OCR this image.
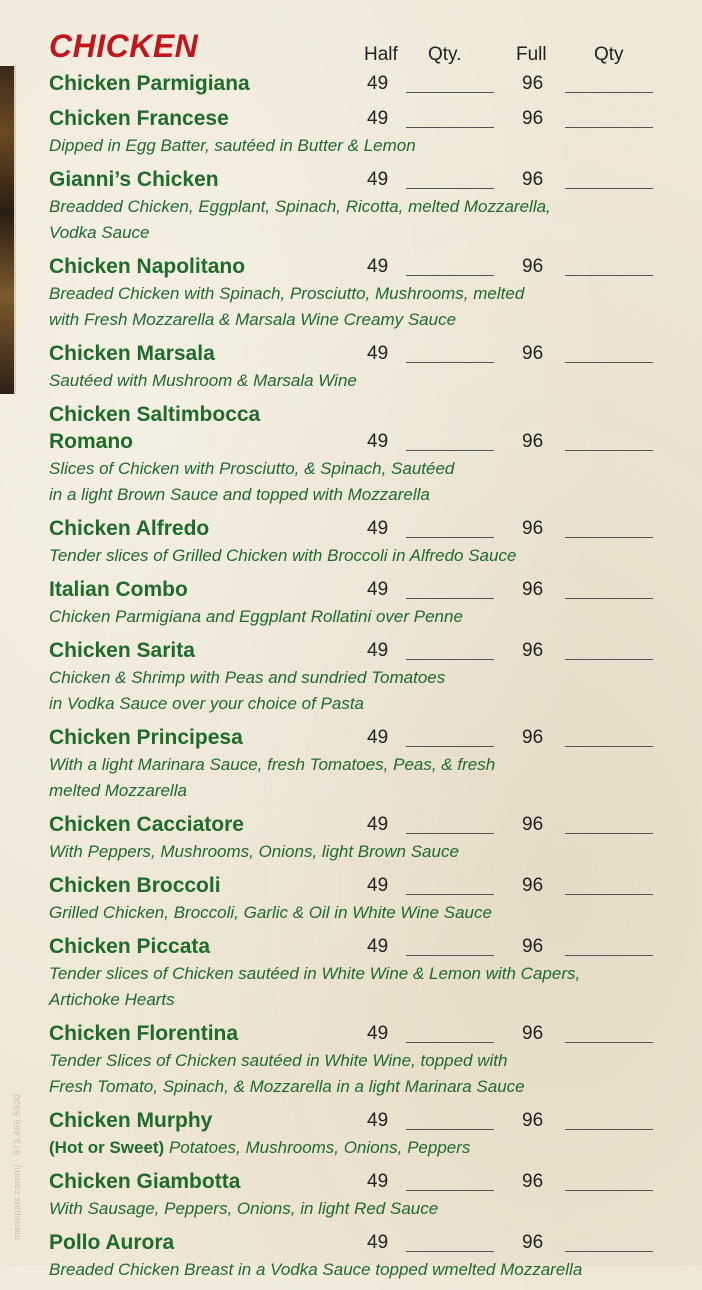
menupals.com/nj - 973.466.5300
CHICKEN	Half Qty.	Full Qty
Chicken Parmigiana	49	96
Chicken Francese	49	96
Dipped in Egg Batter, sautéed in Butter & Lemon
Gianni’s Chicken	49	96
Breadded Chicken, Eggplant, Spinach, Ricotta, melted Mozzarella,
Vodka Sauce
Chicken Napolitano	49	96
Breaded Chicken with Spinach, Prosciutto, Mushrooms, melted
with Fresh Mozzarella & Marsala Wine Creamy Sauce
Chicken Marsala	49	96
Sautéed with Mushroom & Marsala Wine
Chicken Saltimbocca
Romano	49	96
Slices of Chicken with Prosciutto, & Spinach, Sautéed
in a light Brown Sauce and topped with Mozzarella
Chicken Alfredo	49	96
Tender slices of Grilled Chicken with Broccoli in Alfredo Sauce
Italian Combo	49	96
Chicken Parmigiana and Eggplant Rollatini over Penne
Chicken Sarita	49	96
Chicken & Shrimp with Peas and sundried Tomatoes
in Vodka Sauce over your choice of Pasta
Chicken Principesa	49	96
With a light Marinara Sauce, fresh Tomatoes, Peas, & fresh
melted Mozzarella
Chicken Cacciatore	49	96
With Peppers, Mushrooms, Onions, light Brown Sauce
Chicken Broccoli	49	96
Grilled Chicken, Broccoli, Garlic & Oil in White Wine Sauce
Chicken Piccata	49	96
Tender slices of Chicken sautéed in White Wine & Lemon with Capers,
Artichoke Hearts
Chicken Florentina	49	96
Tender Slices of Chicken sautéed in White Wine, topped with
Fresh Tomato, Spinach, & Mozzarella in a light Marinara Sauce
Chicken Murphy	49	96
(Hot or Sweet) Potatoes, Mushrooms, Onions, Peppers
Chicken Giambotta	49	96
With Sausage, Peppers, Onions, in light Red Sauce
Pollo Aurora	49	96
Breaded Chicken Breast in a Vodka Sauce topped wmelted Mozzarella
